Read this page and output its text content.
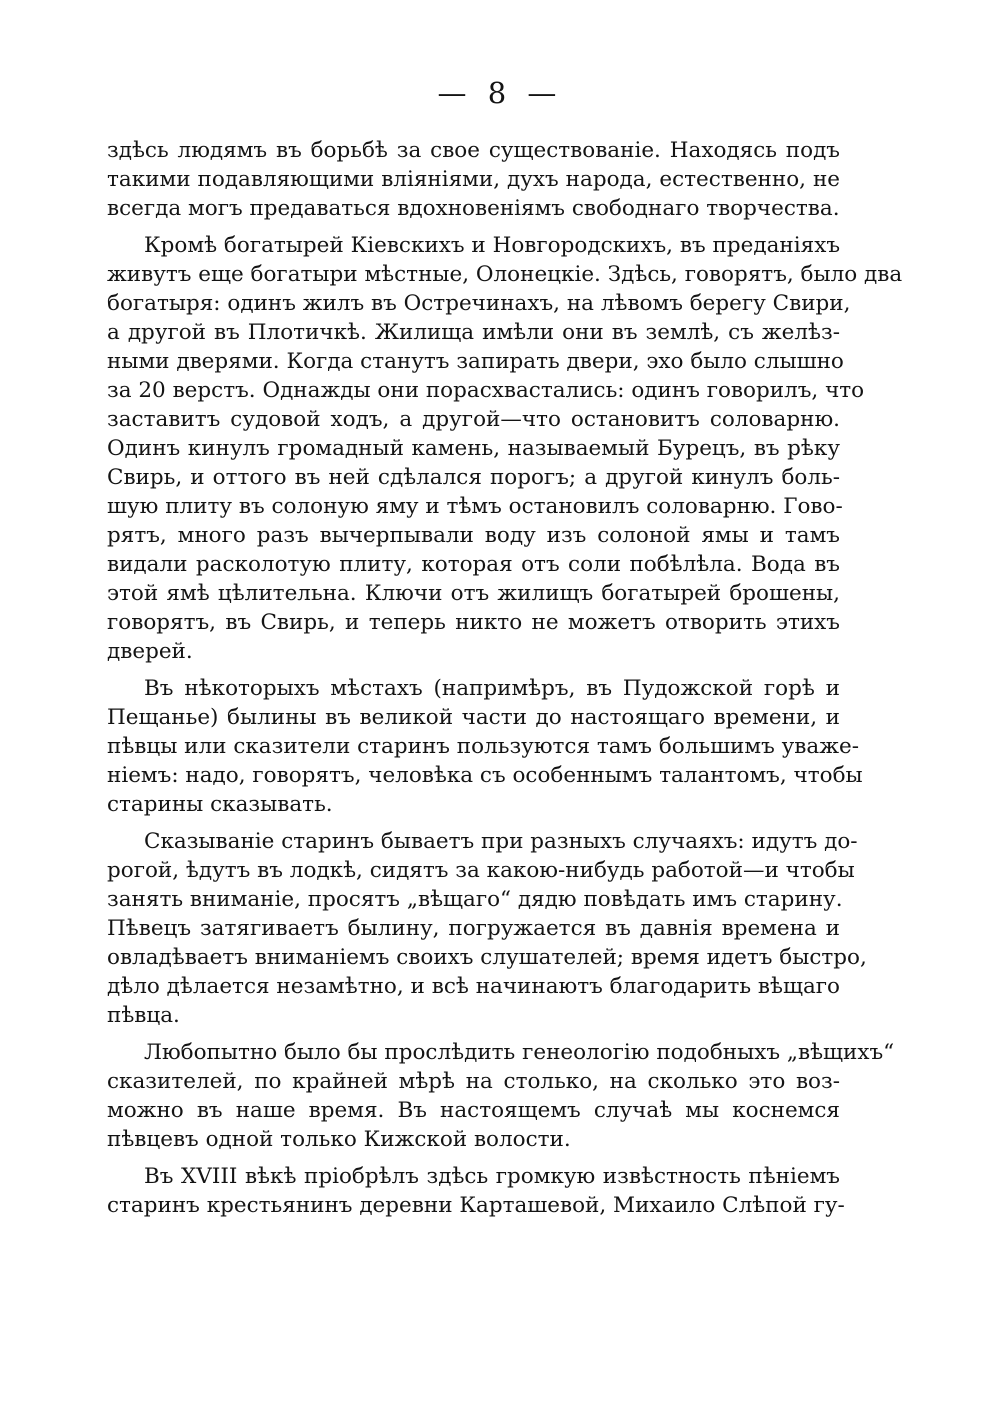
— 8 —
здѣсь людямъ въ борьбѣ за свое существованіе. Находясь подъ
такими подавляющими вліяніями, духъ народа, естественно, не
всегда могъ предаваться вдохновеніямъ свободнаго творчества.
Кромѣ богатырей Кіевскихъ и Новгородскихъ, въ преданіяхъ
живутъ еще богатыри мѣстные, Олонецкіе. Здѣсь, говорятъ, было два
богатыря: одинъ жилъ въ Остречинахъ, на лѣвомъ берегу Свири,
а другой въ Плотичкѣ. Жилища имѣли они въ землѣ, съ желѣз-
ными дверями. Когда станутъ запирать двери, эхо было слышно
за 20 верстъ. Однажды они порасхвастались: одинъ говорилъ, что
заставитъ судовой ходъ, а другой—что остановитъ соловарню.
Одинъ кинулъ громадный камень, называемый Бурецъ, въ рѣку
Свирь, и оттого въ ней сдѣлался порогъ; а другой кинулъ боль-
шую плиту въ солоную яму и тѣмъ остановилъ соловарню. Гово-
рятъ, много разъ вычерпывали воду изъ солоной ямы и тамъ
видали расколотую плиту, которая отъ соли побѣлѣла. Вода въ
этой ямѣ цѣлительна. Ключи отъ жилищъ богатырей брошены,
говорятъ, въ Свирь, и теперь никто не можетъ отворить этихъ
дверей.
Въ нѣкоторыхъ мѣстахъ (напримѣръ, въ Пудожской горѣ и
Пещанье) былины въ великой части до настоящаго времени, и
пѣвцы или сказители старинъ пользуются тамъ большимъ уваже-
ніемъ: надо, говорятъ, человѣка съ особеннымъ талантомъ, чтобы
старины сказывать.
Сказываніе старинъ бываетъ при разныхъ случаяхъ: идутъ до-
рогой, ѣдутъ въ лодкѣ, сидятъ за какою-нибудь работой—и чтобы
занять вниманіе, просятъ „вѣщаго“ дядю повѣдать имъ старину.
Пѣвецъ затягиваетъ былину, погружается въ давнія времена и
овладѣваетъ вниманіемъ своихъ слушателей; время идетъ быстро,
дѣло дѣлается незамѣтно, и всѣ начинаютъ благодарить вѣщаго
пѣвца.
Любопытно было бы прослѣдить генеологію подобныхъ „вѣщихъ“
сказителей, по крайней мѣрѣ на столько, на сколько это воз-
можно въ наше время. Въ настоящемъ случаѣ мы коснемся
пѣвцевъ одной только Кижской волости.
Въ XVIII вѣкѣ пріобрѣлъ здѣсь громкую извѣстность пѣніемъ
старинъ крестьянинъ деревни Карташевой, Михаило Слѣпой гу-
